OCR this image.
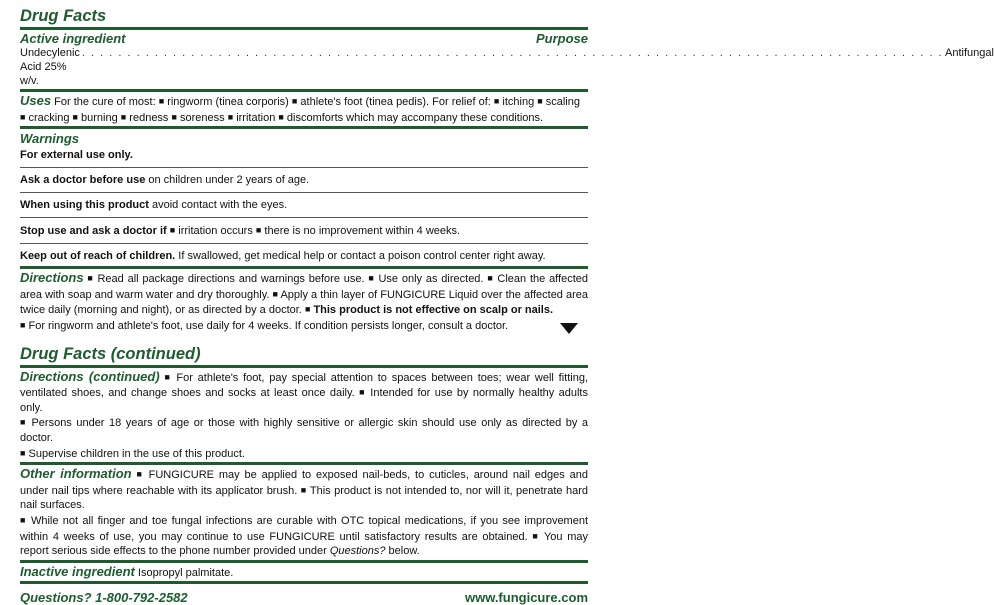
Drug Facts
Active ingredient	Purpose
Undecylenic Acid 25% w/v.
. . . . . . . . . . . . . . . . . . . . . . . . . . . . . . . . . . . . . . . . . . . . . . . . . . . . . . . . . . . . . . . . . . . . . . . . . . . . . . . . . . . . . . . . . . . . . . . Antifungal
Uses For the cure of most: ■ ringworm (tinea corporis) ■ athlete's foot (tinea pedis). For relief of: ■ itching ■ scaling
■ cracking ■ burning ■ redness ■ soreness ■ irritation ■ discomforts which may accompany these conditions.
Warnings
For external use only.
Ask a doctor before use on children under 2 years of age.
When using this product avoid contact with the eyes.
Stop use and ask a doctor if ■ irritation occurs ■ there is no improvement within 4 weeks.
Keep out of reach of children. If swallowed, get medical help or contact a poison control center right away.
Directions ■ Read all package directions and warnings before use. ■ Use only as directed. ■ Clean the affected area with soap and warm water and dry thoroughly. ■ Apply a thin layer of FUNGICURE Liquid over the affected area twice daily (morning and night), or as directed by a doctor. ■ This product is not effective on scalp or nails.
■ For ringworm and athlete's foot, use daily for 4 weeks. If condition persists longer, consult a doctor.
Drug Facts (continued)
Directions (continued) ■ For athlete's foot, pay special attention to spaces between toes; wear well fitting, ventilated shoes, and change shoes and socks at least once daily. ■ Intended for use by normally healthy adults only.
■ Persons under 18 years of age or those with highly sensitive or allergic skin should use only as directed by a doctor.
■ Supervise children in the use of this product.
Other information ■ FUNGICURE may be applied to exposed nail-beds, to cuticles, around nail edges and under nail tips where reachable with its applicator brush. ■ This product is not intended to, nor will it, penetrate hard nail surfaces.
■ While not all finger and toe fungal infections are curable with OTC topical medications, if you see improvement within 4 weeks of use, you may continue to use FUNGICURE until satisfactory results are obtained. ■ You may report serious side effects to the phone number provided under Questions? below.
Inactive ingredient Isopropyl palmitate.
Questions? 1-800-792-2582	www.fungicure.com
